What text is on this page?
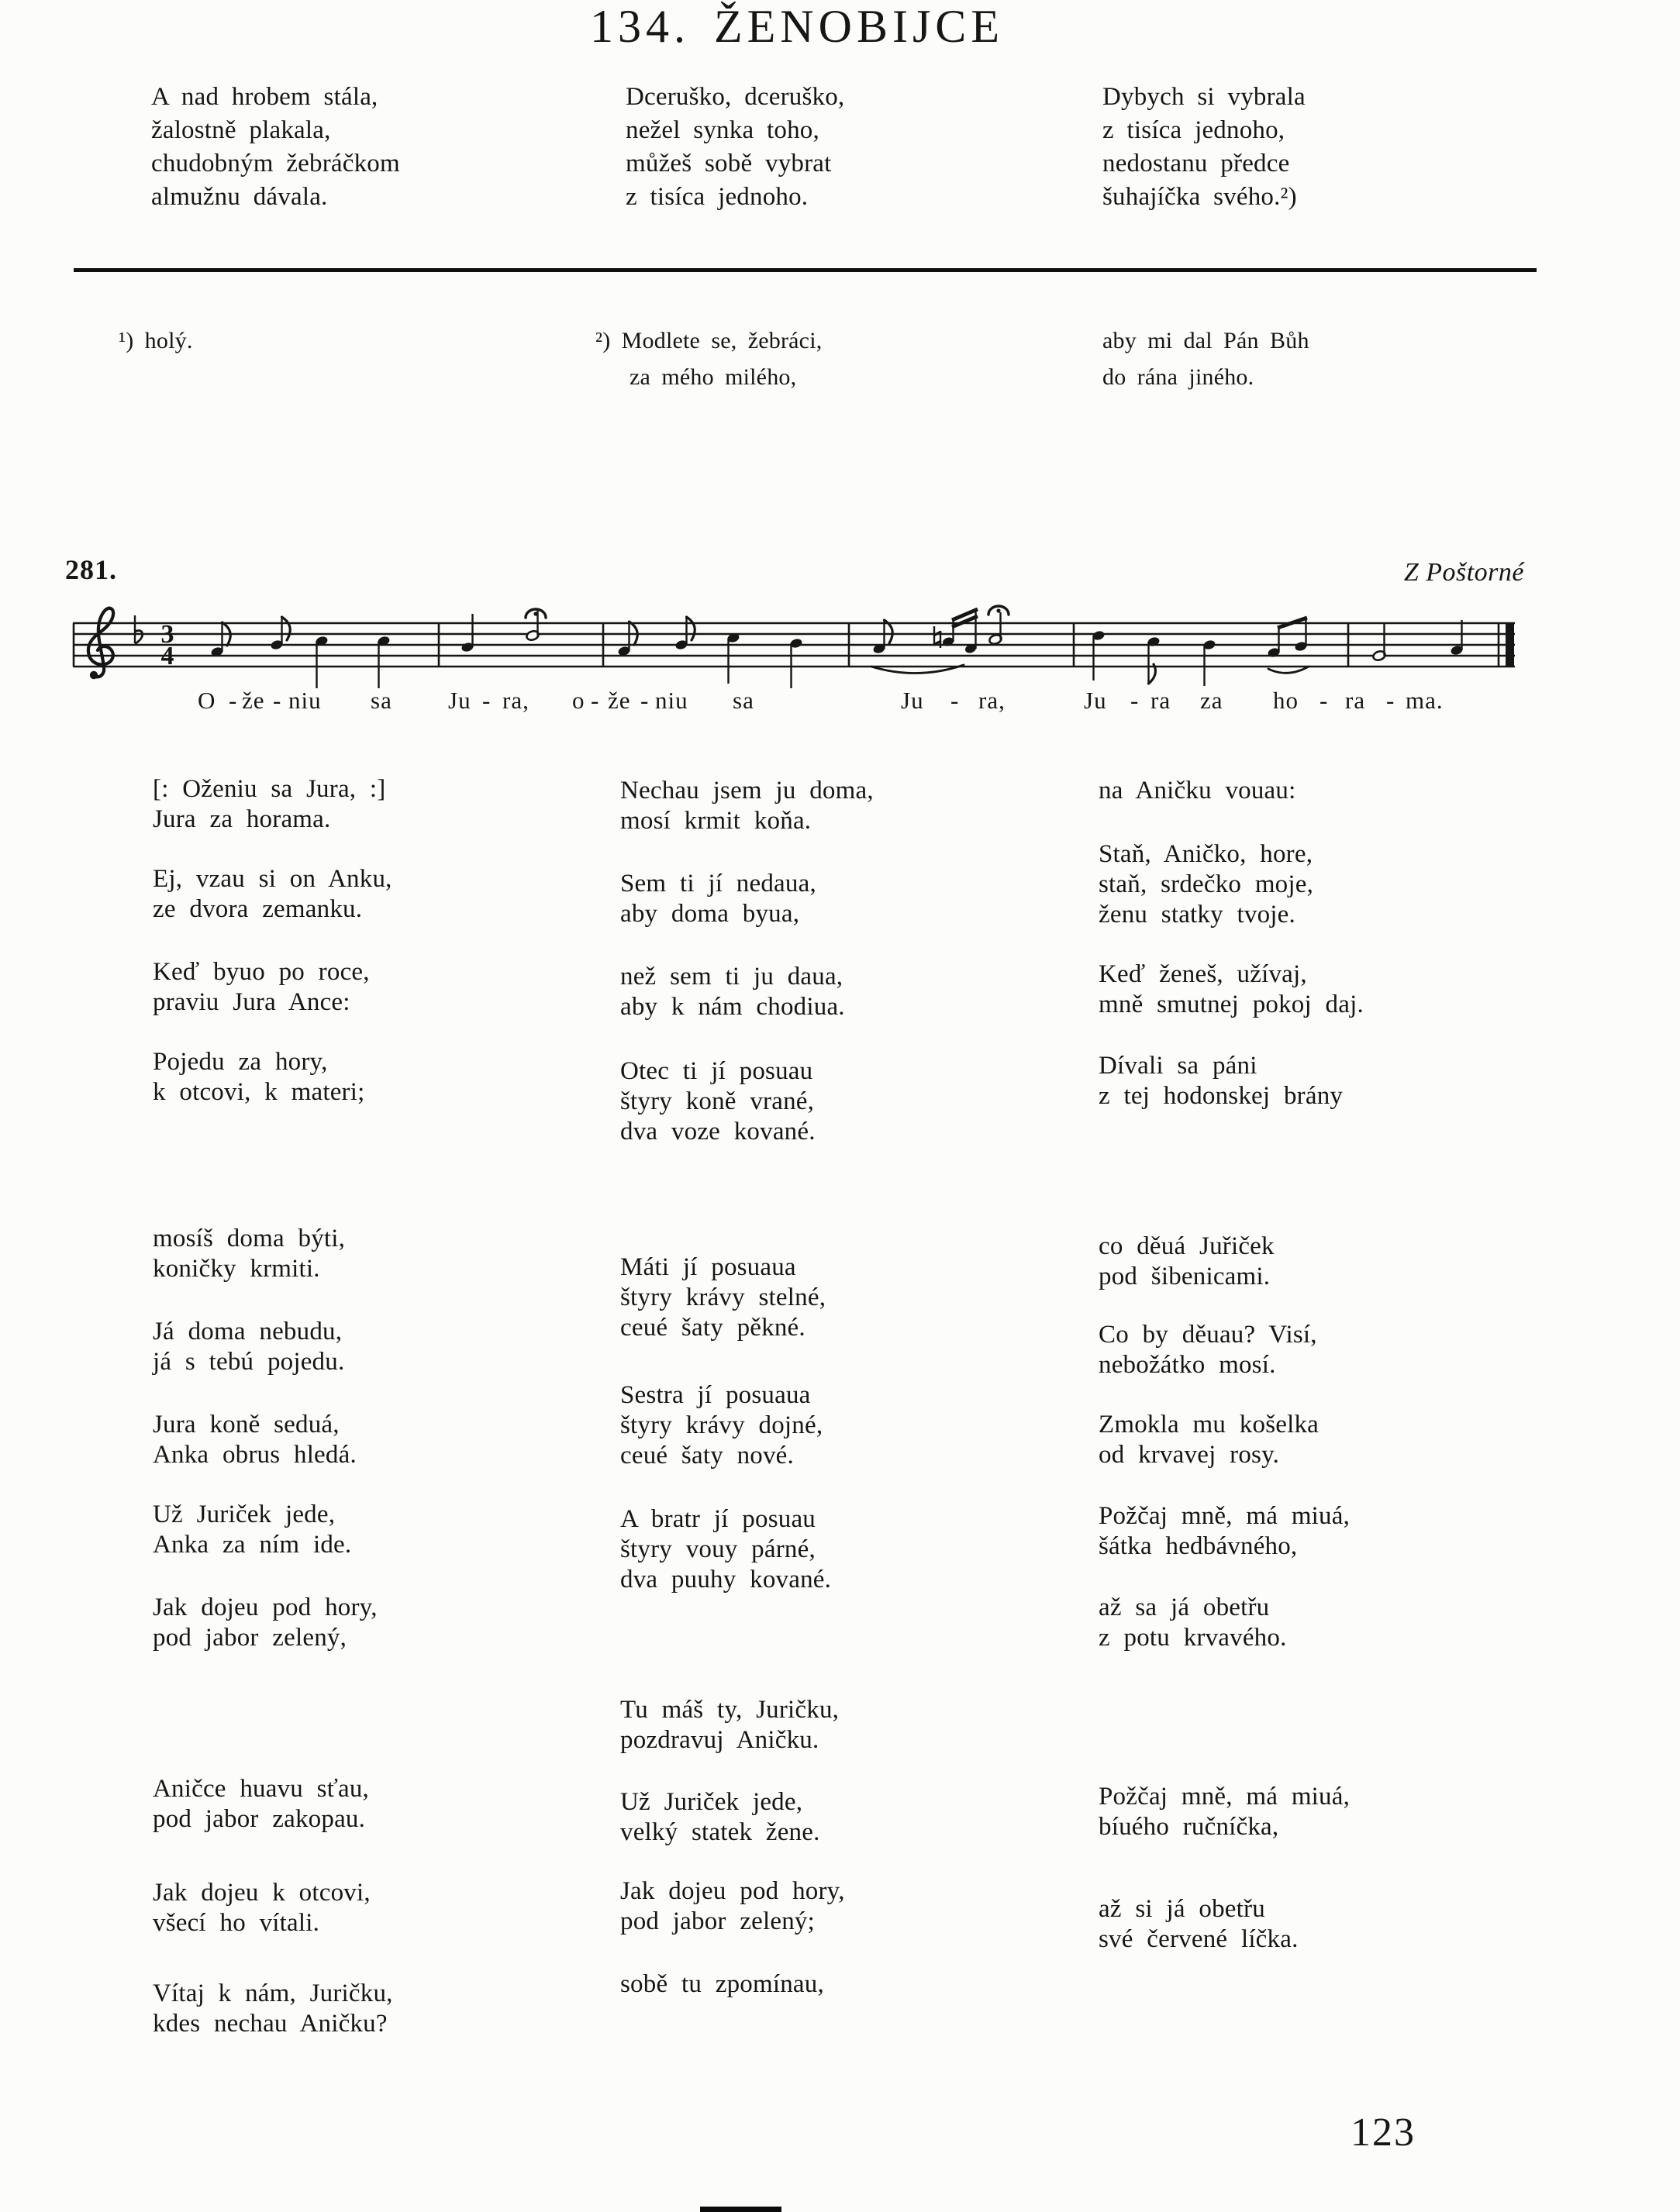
A nad hrobem stála,
žalostně plakala,
chudobným žebráčkom
almužnu dávala.
Dceruško, dceruško,
nežel synka toho,
můžeš sobě vybrat
z tisíca jednoho.
Dybych si vybrala
z tisíca jednoho,
nedostanu předce
šuhajíčka svého.²)
¹) holý.	²) Modlete se, žebráci,
za mého milého,
aby mi dal Pán Bůh
do rána jiného.
134. ŽENOBIJCE
281.	Z Poštorné
3
4
O - že - niu sa Ju - ra, o - že - niu sa	Ju - ra,	Ju - ra za ho - ra - ma.
[: Oženiu sa Jura, :]
Jura za horama.
Ej, vzau si on Anku,
ze dvora zemanku.
Keď byuo po roce,
praviu Jura Ance:
Pojedu za hory,
k otcovi, k materi;
mosíš doma býti,
koničky krmiti.
Já doma nebudu,
já s tebú pojedu.
Jura koně seduá,
Anka obrus hledá.
Už Juriček jede,
Anka za ním ide.
Jak dojeu pod hory,
pod jabor zelený,
Aničce huavu sťau,
pod jabor zakopau.
Jak dojeu k otcovi,
všecí ho vítali.
Vítaj k nám, Juričku,
kdes nechau Aničku?
Nechau jsem ju doma,
mosí krmit koňa.
Sem ti jí nedaua,
aby doma byua,
než sem ti ju daua,
aby k nám chodiua.
Otec ti jí posuau
štyry koně vrané,
dva voze kované.
Máti jí posuaua
štyry krávy stelné,
ceué šaty pěkné.
Sestra jí posuaua
štyry krávy dojné,
ceué šaty nové.
A bratr jí posuau
štyry vouy párné,
dva puuhy kované.
Tu máš ty, Juričku,
pozdravuj Aničku.
Už Juriček jede,
velký statek žene.
Jak dojeu pod hory,
pod jabor zelený;
sobě tu zpomínau,
na Aničku vouau:
Staň, Aničko, hore,
staň, srdečko moje,
ženu statky tvoje.
Keď ženeš, užívaj,
mně smutnej pokoj daj.
Dívali sa páni
z tej hodonskej brány
co děuá Juřiček
pod šibenicami.
Co by děuau? Visí,
nebožátko mosí.
Zmokla mu košelka
od krvavej rosy.
Požčaj mně, má miuá,
šátka hedbávného,
až sa já obetřu
z potu krvavého.
Požčaj mně, má miuá,
bíuého ručníčka,
až si já obetřu
své červené líčka.
123
